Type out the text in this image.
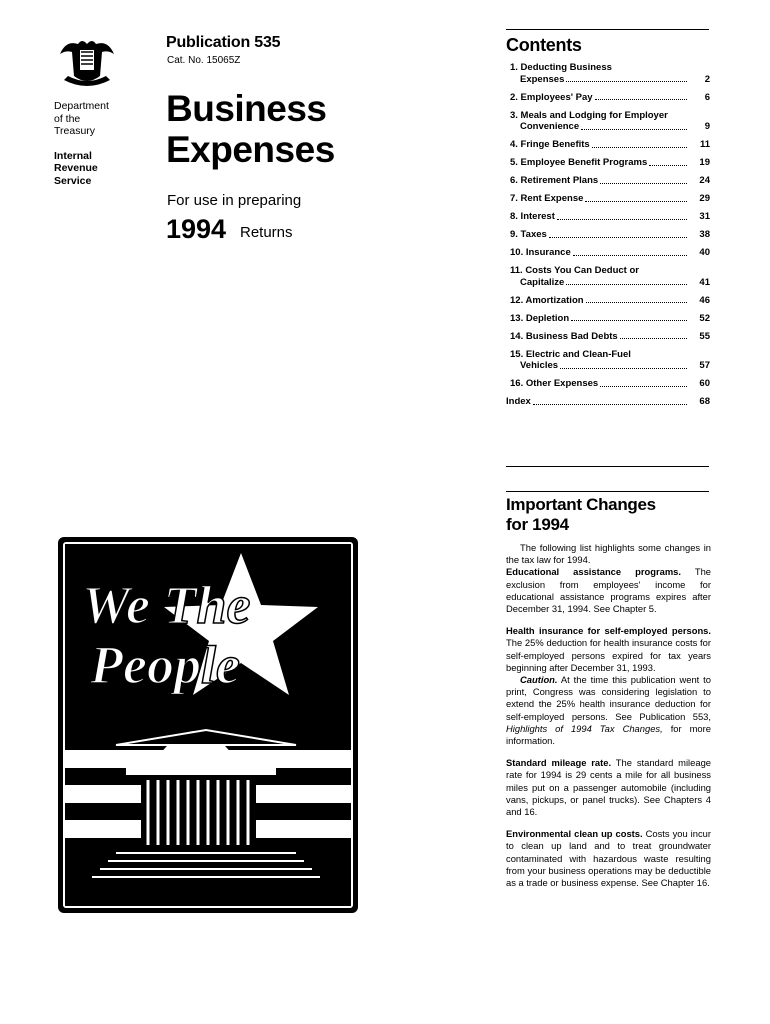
Department
of the
Treasury
Internal
Revenue
Service
Publication 535
Cat. No. 15065Z
Business
Expenses
For use in preparing
1994 Returns
We The
People
Contents
1. Deducting Business
Expenses	2
2. Employees' Pay	6
3. Meals and Lodging for Employer
Convenience	9
4. Fringe Benefits	11
5. Employee Benefit Programs	19
6. Retirement Plans	24
7. Rent Expense	29
8. Interest	31
9. Taxes	38
10. Insurance	40
11. Costs You Can Deduct or
Capitalize	41
12. Amortization	46
13. Depletion	52
14. Business Bad Debts	55
15. Electric and Clean-Fuel
Vehicles	57
16. Other Expenses	60
Index	68
Important Changes
for 1994

The following list highlights some changes in the tax law for 1994.

Educational assistance programs. The exclusion from employees' income for educational assistance programs expires after December 31, 1994. See Chapter 5.

Health insurance for self-employed persons. The 25% deduction for health insurance costs for self-employed persons expired for tax years beginning after December 31, 1993.

Caution. At the time this publication went to print, Congress was considering legislation to extend the 25% health insurance deduction for self-employed persons. See Publication 553, Highlights of 1994 Tax Changes, for more information.

Standard mileage rate. The standard mileage rate for 1994 is 29 cents a mile for all business miles put on a passenger automobile (including vans, pickups, or panel trucks). See Chapters 4 and 16.

Environmental clean up costs. Costs you incur to clean up land and to treat groundwater contaminated with hazardous waste resulting from your business operations may be deductible as a trade or business expense. See Chapter 16.
